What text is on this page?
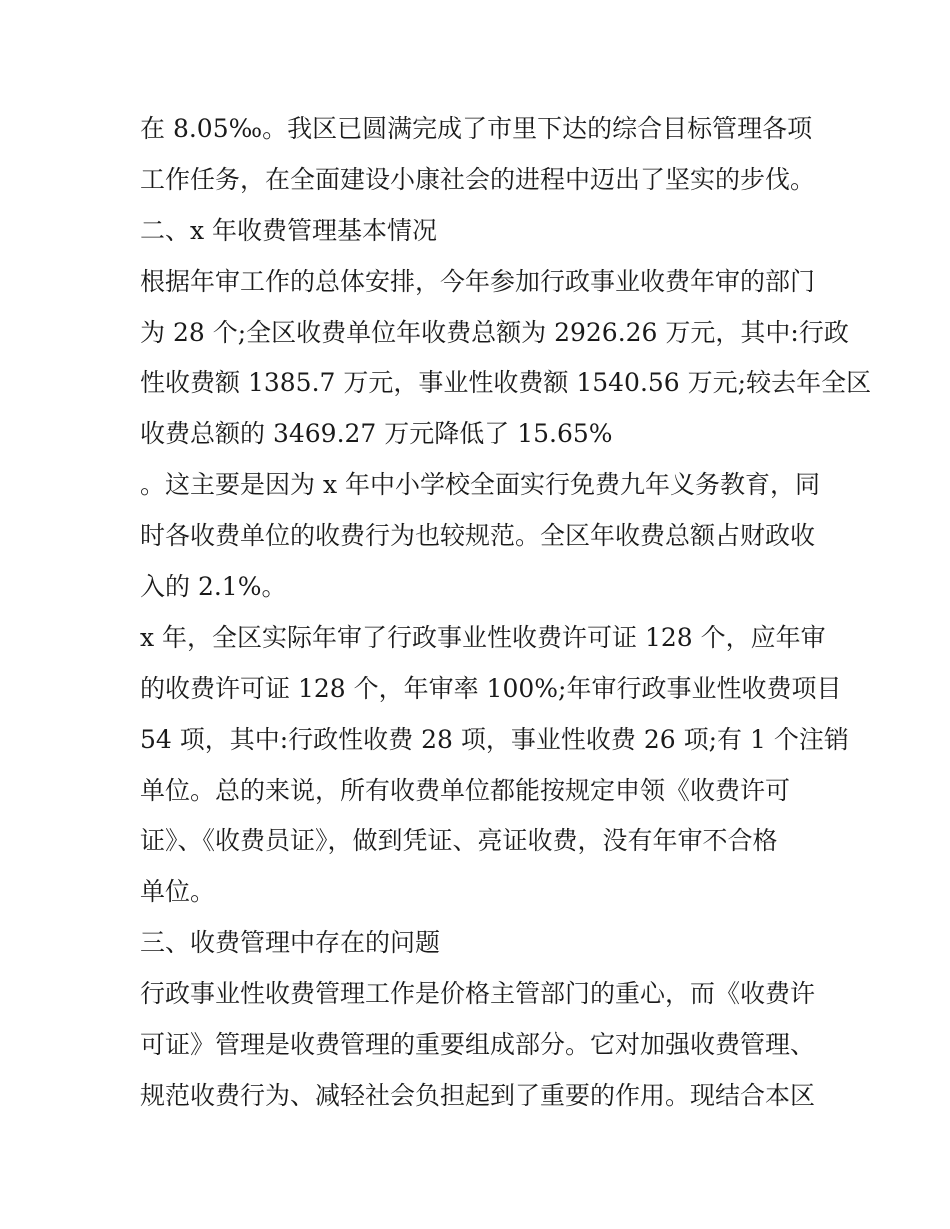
在 8.05‰。我区已圆满完成了市里下达的综合目标管理各项
工作任务，在全面建设小康社会的进程中迈出了坚实的步伐。
二、x 年收费管理基本情况
根据年审工作的总体安排，今年参加行政事业收费年审的部门
为 28 个;全区收费单位年收费总额为 2926.26 万元，其中:行政
性收费额 1385.7 万元，事业性收费额 1540.56 万元;较去年全区
收费总额的 3469.27 万元降低了 15.65%
。这主要是因为 x 年中小学校全面实行免费九年义务教育，同
时各收费单位的收费行为也较规范。全区年收费总额占财政收
入的 2.1%。
x 年，全区实际年审了行政事业性收费许可证 128 个，应年审
的收费许可证 128 个，年审率 100%;年审行政事业性收费项目
54 项，其中:行政性收费 28 项，事业性收费 26 项;有 1 个注销
单位。总的来说，所有收费单位都能按规定申领《收费许可
证》、《收费员证》，做到凭证、亮证收费，没有年审不合格
单位。
三、收费管理中存在的问题
行政事业性收费管理工作是价格主管部门的重心，而《收费许
可证》管理是收费管理的重要组成部分。它对加强收费管理、
规范收费行为、减轻社会负担起到了重要的作用。现结合本区
